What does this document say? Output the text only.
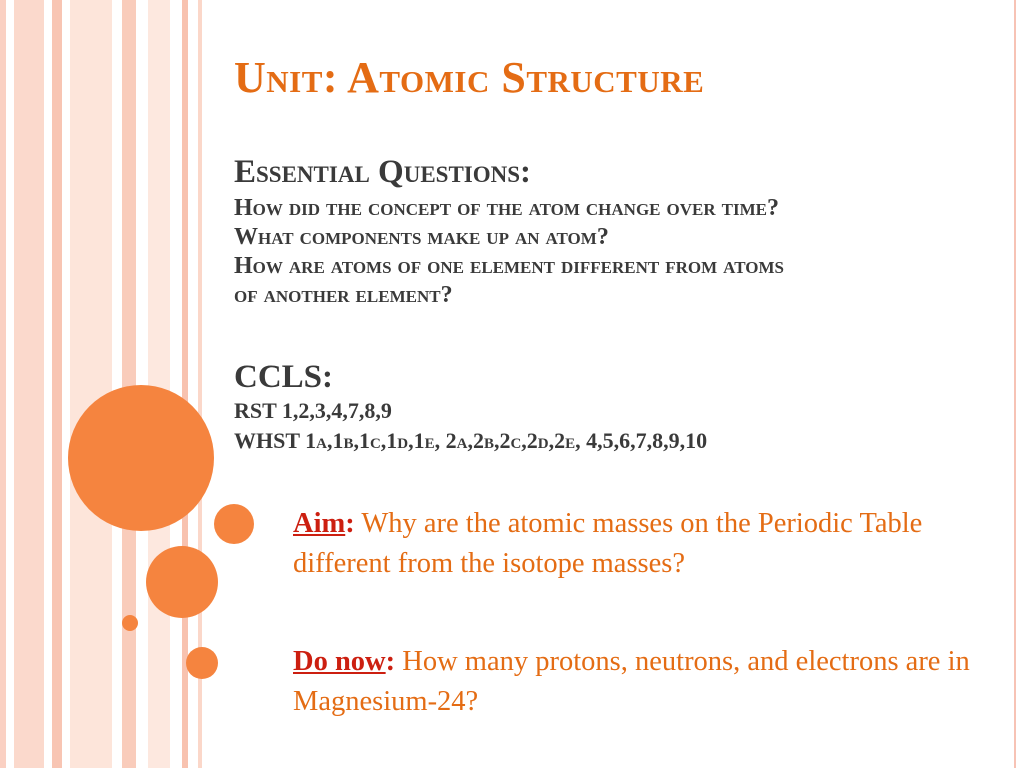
Unit: Atomic Structure
Essential Questions:
How did the concept of the atom change over time?
What components make up an atom?
How are atoms of one element different from atoms
of another element?
CCLS:
RST 1,2,3,4,7,8,9
WHST 1a,1b,1c,1d,1e, 2a,2b,2c,2d,2e, 4,5,6,7,8,9,10
Aim: Why are the atomic masses on the Periodic Table different from the isotope masses?
Do now: How many protons, neutrons, and electrons are in Magnesium-24?
